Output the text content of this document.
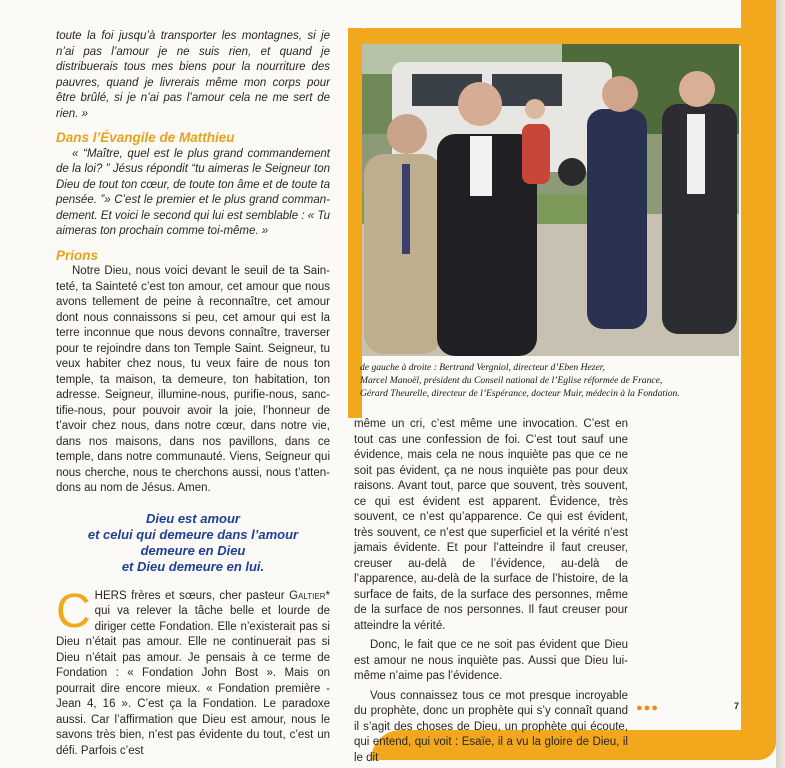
de gauche à droite : Bertrand Vergniol, directeur d’Eben Hezer,
Marcel Manoël, président du Conseil national de l’Eglise réformée de France,
Gérard Theurelle, directeur de l’Espérance, docteur Muir, médecin à la Fondation.

toute la foi jusqu’à transporter les montagnes, si je n’ai pas l’amour je ne suis rien, et quand je distribuerais tous mes biens pour la nourriture des pauvres, quand je livrerais même mon corps pour être brûlé, si je n’ai pas l’amour cela ne me sert de rien. »

Dans l’Évangile de Matthieu

« “Maître, quel est le plus grand commandement de la loi? ” Jésus répondit “tu aimeras le Seigneur ton Dieu de tout ton cœur, de toute ton âme et de toute ta pensée. ”» C’est le premier et le plus grand commandement. Et voici le second qui lui est semblable : « Tu aimeras ton prochain comme toi-même. »

Prions

Notre Dieu, nous voici devant le seuil de ta Sainteté, ta Sainteté c’est ton amour, cet amour que nous avons tellement de peine à reconnaître, cet amour dont nous connaissons si peu, cet amour qui est la terre inconnue que nous devons connaître, traverser pour te rejoindre dans ton Temple Saint. Seigneur, tu veux habiter chez nous, tu veux faire de nous ton temple, ta maison, ta demeure, ton habitation, ton adresse. Seigneur, illumine-nous, purifie-nous, sanctifie-nous, pour pouvoir avoir la joie, l’honneur de t’avoir chez nous, dans notre cœur, dans notre vie, dans nos maisons, dans nos pavillons, dans ce temple, dans notre communauté. Viens, Seigneur qui nous cherche, nous te cherchons aussi, nous t’attendons au nom de Jésus. Amen.

Dieu est amour
et celui qui demeure dans l’amour
demeure en Dieu
et Dieu demeure en lui.

CHERS frères et sœurs, cher pasteur Galtier* qui va relever la tâche belle et lourde de diriger cette Fondation. Elle n’existerait pas si Dieu n’était pas amour. Elle ne continuerait pas si Dieu n’était pas amour. Je pensais à ce terme de Fondation : « Fondation John Bost ». Mais on pourrait dire encore mieux. « Fondation première - Jean 4, 16 ». C’est ça la Fondation. Le paradoxe aussi. Car l’affirmation que Dieu est amour, nous le savons très bien, n’est pas évidente du tout, c’est un défi. Parfois c’est

même un cri, c’est même une invocation. C’est en tout cas une confession de foi. C’est tout sauf une évidence, mais cela ne nous inquiète pas que ce ne soit pas évident, ça ne nous inquiète pas pour deux raisons. Avant tout, parce que souvent, très souvent, ce qui est évident est apparent. Évidence, très souvent, ce n’est qu’apparence. Ce qui est évident, très souvent, ce n’est que superficiel et la vérité n’est jamais évidente. Et pour l’atteindre il faut creuser, creuser au-delà de l’évidence, au-delà de l’apparence, au-delà de la surface de l’histoire, de la surface de faits, de la surface des personnes, même de la surface de nos personnes. Il faut creuser pour atteindre la vérité.

Donc, le fait que ce ne soit pas évident que Dieu est amour ne nous inquiète pas. Aussi que Dieu lui-même n’aime pas l’évidence.

Vous connaissez tous ce mot presque incroyable du prophète, donc un prophète qui s’y connaît quand il s’agit des choses de Dieu, un prophète qui écoute, qui entend, qui voit : Esaïe, il a vu la gloire de Dieu, il le dit

●●●	7
